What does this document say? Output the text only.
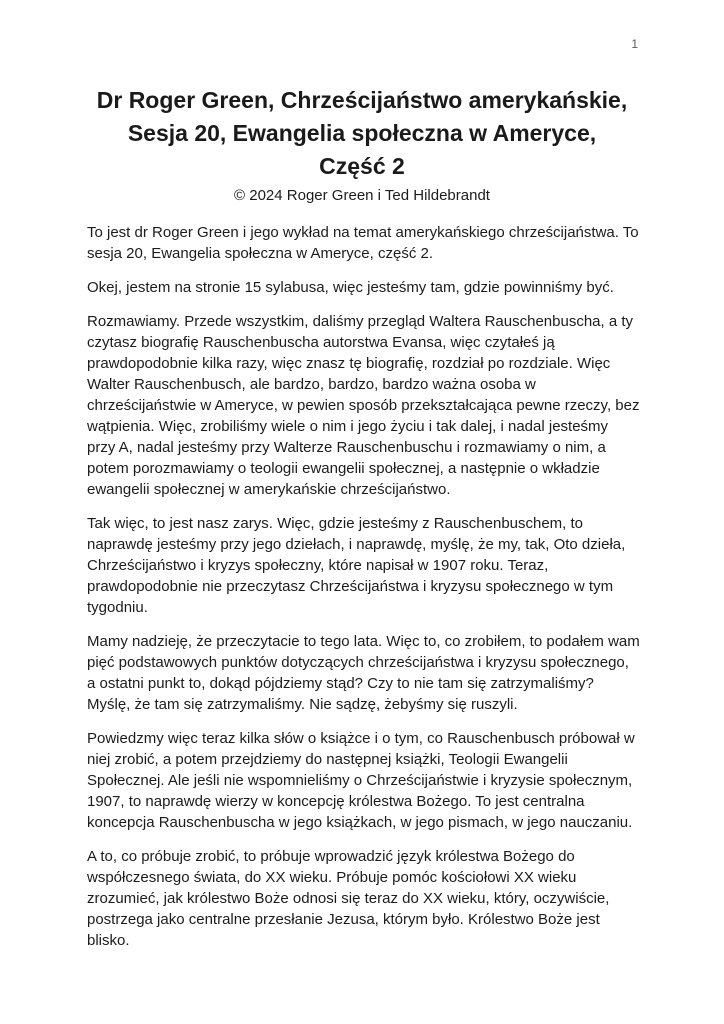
1
Dr Roger Green, Chrześcijaństwo amerykańskie,
Sesja 20, Ewangelia społeczna w Ameryce,
Część 2
© 2024 Roger Green i Ted Hildebrandt

To jest dr Roger Green i jego wykład na temat amerykańskiego chrześcijaństwa. To sesja 20, Ewangelia społeczna w Ameryce, część 2.

Okej, jestem na stronie 15 sylabusa, więc jesteśmy tam, gdzie powinniśmy być.

Rozmawiamy. Przede wszystkim, daliśmy przegląd Waltera Rauschenbuscha, a ty czytasz biografię Rauschenbuscha autorstwa Evansa, więc czytałeś ją prawdopodobnie kilka razy, więc znasz tę biografię, rozdział po rozdziale. Więc Walter Rauschenbusch, ale bardzo, bardzo, bardzo ważna osoba w chrześcijaństwie w Ameryce, w pewien sposób przekształcająca pewne rzeczy, bez wątpienia. Więc, zrobiliśmy wiele o nim i jego życiu i tak dalej, i nadal jesteśmy przy A, nadal jesteśmy przy Walterze Rauschenbuschu i rozmawiamy o nim, a potem porozmawiamy o teologii ewangelii społecznej, a następnie o wkładzie ewangelii społecznej w amerykańskie chrześcijaństwo.

Tak więc, to jest nasz zarys. Więc, gdzie jesteśmy z Rauschenbuschem, to naprawdę jesteśmy przy jego dziełach, i naprawdę, myślę, że my, tak, Oto dzieła, Chrześcijaństwo i kryzys społeczny, które napisał w 1907 roku. Teraz, prawdopodobnie nie przeczytasz Chrześcijaństwa i kryzysu społecznego w tym tygodniu.

Mamy nadzieję, że przeczytacie to tego lata. Więc to, co zrobiłem, to podałem wam pięć podstawowych punktów dotyczących chrześcijaństwa i kryzysu społecznego, a ostatni punkt to, dokąd pójdziemy stąd? Czy to nie tam się zatrzymaliśmy? Myślę, że tam się zatrzymaliśmy. Nie sądzę, żebyśmy się ruszyli.

Powiedzmy więc teraz kilka słów o książce i o tym, co Rauschenbusch próbował w niej zrobić, a potem przejdziemy do następnej książki, Teologii Ewangelii Społecznej. Ale jeśli nie wspomnieliśmy o Chrześcijaństwie i kryzysie społecznym, 1907, to naprawdę wierzy w koncepcję królestwa Bożego. To jest centralna koncepcja Rauschenbuscha w jego książkach, w jego pismach, w jego nauczaniu.

A to, co próbuje zrobić, to próbuje wprowadzić język królestwa Bożego do współczesnego świata, do XX wieku. Próbuje pomóc kościołowi XX wieku zrozumieć, jak królestwo Boże odnosi się teraz do XX wieku, który, oczywiście, postrzega jako centralne przesłanie Jezusa, którym było. Królestwo Boże jest blisko.
